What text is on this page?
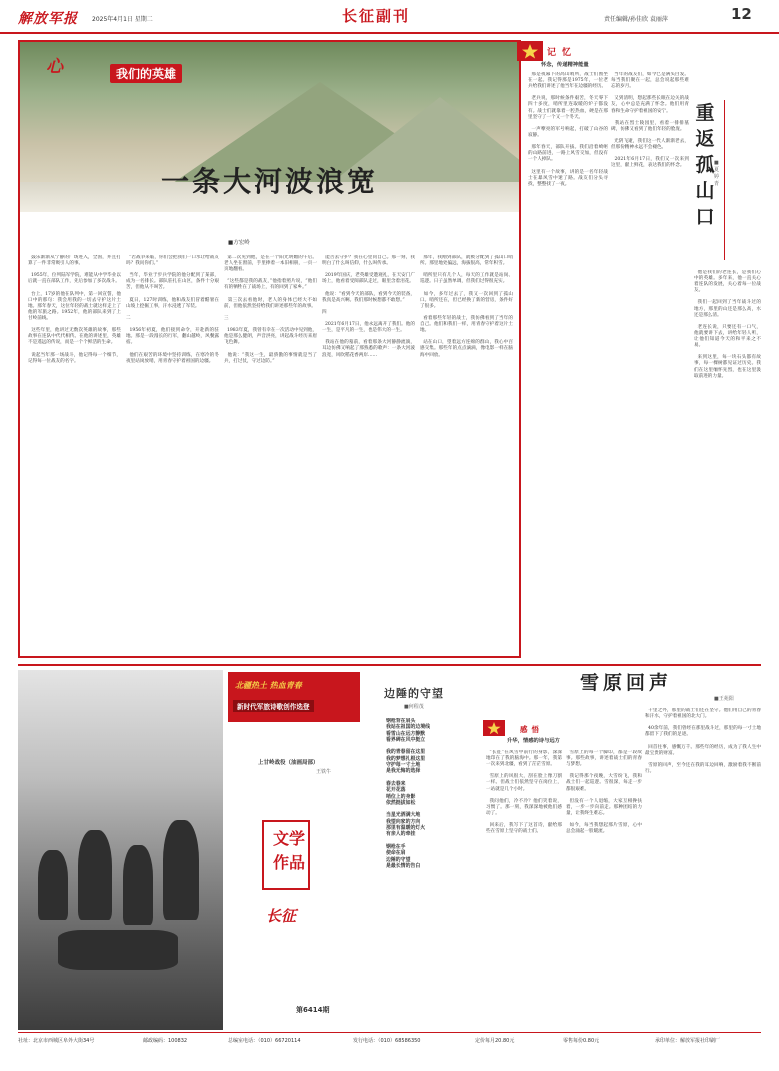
解放军报 2025年4月1日 星期二	长征副刊	责任编辑/孙佳欣 袁丽萍	12
心	我们的英雄
一条大河波浪宽
■方宏岭
鼓乐渐渐从宁静的广场进入，全国，并且打算了一件非常吸引人的事。

1955年，位列陆军学院，难能从中学毕业以后就一直在部队工作，先后参加了多次战斗。

台上，17岁的他在队列中，第一回宣誓，他口中的那句：我会用我的一切去守护这片土地。那年春天，这位年轻的战士就这样走上了他的军旅之路。1952年，他的部队来到了上甘岭前线。

这些年里，他讲过无数次英雄的故事，那些故事在连队中代代相传。在他的讲述里，英雄不是遥远的传说，而是一个个鲜活的生命。

说起当年那一场战斗，他记得每一个细节，记得每一位战友的名字。
“若战争来临，你们会把我们一口水让给战友吗？我问你们。”

当年，毕业于步兵学院的他分配到了某部，成为一名排长。部队驻扎在山区，条件十分艰苦，但他从不叫苦。

夏日，127时训练，他和战友们冒着酷暑在山坡上挖掘工事，汗水浸透了军装。

二

1956年初夏，他们接到命令，开赴新的驻地。那是一段漫长的行军，翻山越岭，风餐露宿。

他们在艰苦的环境中坚持训练，在寒冷的冬夜里站岗放哨，用青春守护着祖国的边疆。
第二次见到他，是在一个阳光明媚的午后。老人坐在窗前，手里捧着一本旧相册，一页一页地翻看。

“这些都是我的战友，”他指着照片说，“他们有的牺牲在了战场上，有的回到了家乡。”

第三次去看他时，老人的身体已经大不如前，但他依然坚持给我们讲述那些年的故事。

三

1983年夏，我曾有幸在一次活动中见到他，他是那么健朗，声音洪亮，讲起战斗经历来眉飞色舞。

他说：“我这一生，最骄傲的事情就是当了兵，打过仗，守过边防。”
能否去守护？我在心里问自己。那一刻，我明白了什么叫信仰，什么叫传承。

2019年国庆，老英雄受邀观礼，在天安门广场上，他看着受阅部队走过，眼里含着泪花。

他说：“看到今天的部队，看到今天的装备，我真是高兴啊。我们那时候想都不敢想。”

四

2021年6月17日，他永远离开了我们。他的一生，是平凡的一生，也是伟大的一生。

我站在他的墓前，看着那条大河静静流淌，耳边仿佛又响起了那熟悉的歌声：一条大河波浪宽，风吹稻花香两岸……
那年，我刚到部队，就被分配到了孤山口哨所。那里地处偏远，海拔很高，常年积雪。

哨所里只有几个人，每天的工作就是站岗、巡逻。日子虽然单调，但我们过得很充实。

如今，多年过去了，我又一次回到了孤山口。哨所还在，但已经换了新的营房，条件好了很多。

看着那些年轻的战士，我仿佛看到了当年的自己。他们和我们一样，用青春守护着这片土地。

站在山口，望着远方连绵的群山，我心中百感交集。那些年的点点滴滴，像电影一样在脑海中回放。
记忆
怀念，传递精神能量
那是夜幕下的高山哨所，战士们围坐在一起。我记得那是1975年，一位老兵给我们讲述了他当年在边疆的经历。

老兵说，那时候条件艰苦，冬天零下四十多度，哨所里连取暖的炉子都没有。战士们就靠着一腔热血，硬是在那里坚守了一个又一个冬天。

一声嘹亮的军号响起，打破了山谷的寂静。

那年春天，部队开拔。我们沿着崎岖的山路前进，一路上风雪交加，但没有一个人掉队。

这里有一个故事，讲的是一名年轻战士在暴风雪中迷了路。战友们分头寻找，整整找了一夜。
当年的战友们，如今已是满头白发。每当我们聚在一起，总会说起那些难忘的岁月。

又到清明，想起那些长眠在边关的战友，心中总是充满了怀念。他们用青春和生命守护着祖国的安宁。

我站在烈士陵园里，看着一排排墓碑，仿佛又看到了他们年轻的脸庞。

光阴飞逝，我们这一代人渐渐老去，但那份精神永远不会褪色。

2021年6月17日，我们又一次来到这里，献上鲜花，表达我们的怀念。
重返孤山口
■夏婷青
他是我们的老连长，是我们心中的英雄。多年来，他一直关心着连队的发展，关心着每一位战友。

我们一起回到了当年战斗过的地方，那里的山还是那么高，水还是那么清。

老连长说，只要还有一口气，他就要讲下去，讲给年轻人听，让他们知道今天的和平来之不易。

来到这里，每一块石头都有故事，每一棵树都见证过历史。我们在这里缅怀先烈，也在这里汲取前进的力量。
北疆热土 热血青春
新时代军旅诗歌创作选登
上甘岭战役（油画局部）
王铁牛
文学
作品
长征
第6414期
边陲的守望
■何程茂
钢枪背在肩头
我站在祖国的边境线
看雪山在远方静默
看界碑在风中挺立

我的青春留在这里
我的梦想扎根这里
守护每一寸土地
是我无悔的选择

春去春来
花开花落
哨位上的身影
依然挺拔如松

当星光洒满大地
我望向家的方向
那里有温暖的灯火
有亲人的牵挂

钢枪在手
使命在肩
边陲的守望
是最长情的告白
雪原回声
■王苑阳
千里之外，那里的战士们还在坚守。他们用自己的青春和汗水，守护着祖国的北大门。

40余年前，我们曾经在那里战斗过，那里的每一寸土地都留下了我们的足迹。

回首往事，感慨万千。那些年的经历，成为了我人生中最宝贵的财富。

雪原的回声，至今还在我的耳边回响，激励着我不断前行。
感悟
升华，情感的诗与远方
“长征”在风雪中前行的身影，深深地印在了我的脑海中。那一年，我第一次来到北疆，看到了茫茫雪原。

雪原上的风很大，刮在脸上像刀割一样。但战士们依然坚守在岗位上，一站就是几个小时。

我问他们，冷不冷？他们笑着说，习惯了。那一刻，我深深地被他们感动了。

回来后，我写下了这首诗，献给那些在雪原上坚守的战士们。
雪原上的每一个脚印，都是一段故事。那些故事，讲述着战士们的青春与梦想。

我记得那个夜晚，大雪纷飞，我和战士们一起巡逻。雪很深，每走一步都很艰难。

但没有一个人退缩，大家互相搀扶着，一步一步向前走。那种团结的力量，让我终生难忘。

如今，每当我想起那片雪原，心中总会涌起一股暖流。
社址：北京市西城区阜外大街34号	邮政编码：100832	总编室电话：（010）66720114	发行电话：（010）68586350	定价每月20.80元	零售每份0.80元	承印单位：解放军报社印刷厂
